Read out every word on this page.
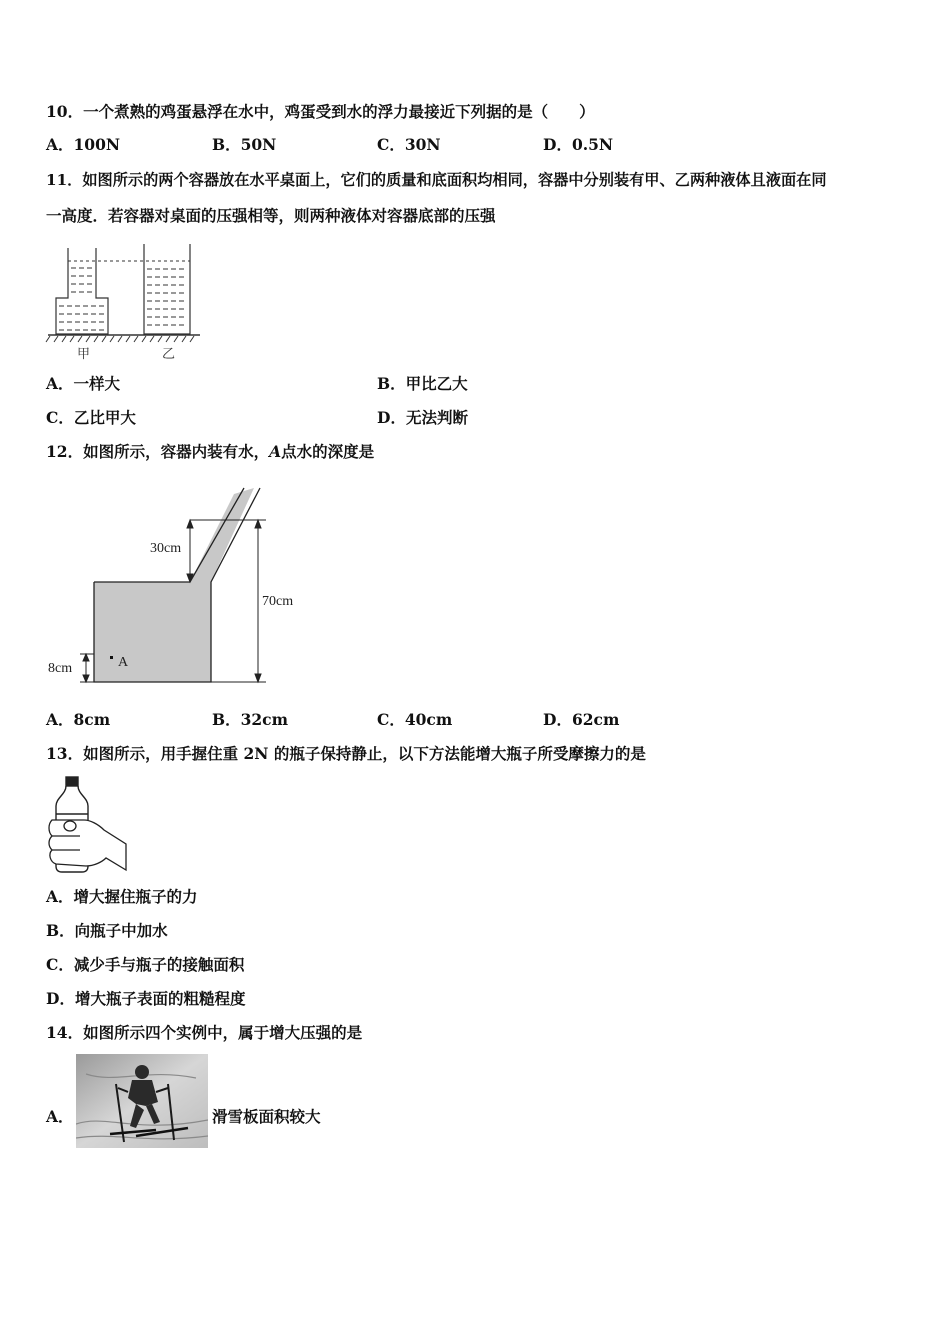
10．一个煮熟的鸡蛋悬浮在水中，鸡蛋受到水的浮力最接近下列据的是（　　）
A．100N	B．50N	C．30N	D．0.5N
11．如图所示的两个容器放在水平桌面上，它们的质量和底面积均相同，容器中分别装有甲、乙两种液体且液面在同
一高度．若容器对桌面的压强相等，则两种液体对容器底部的压强
甲	乙
A．一样大	B．甲比乙大
C．乙比甲大	D．无法判断
12．如图所示，容器内装有水，A点水的深度是
30cm
70cm
8cm	A
A．8cm	B．32cm	C．40cm	D．62cm
13．如图所示，用手握住重 2N 的瓶子保持静止，以下方法能增大瓶子所受摩擦力的是
A．增大握住瓶子的力
B．向瓶子中加水
C．减少手与瓶子的接触面积
D．增大瓶子表面的粗糙程度
14．如图所示四个实例中，属于增大压强的是
A．	滑雪板面积较大
